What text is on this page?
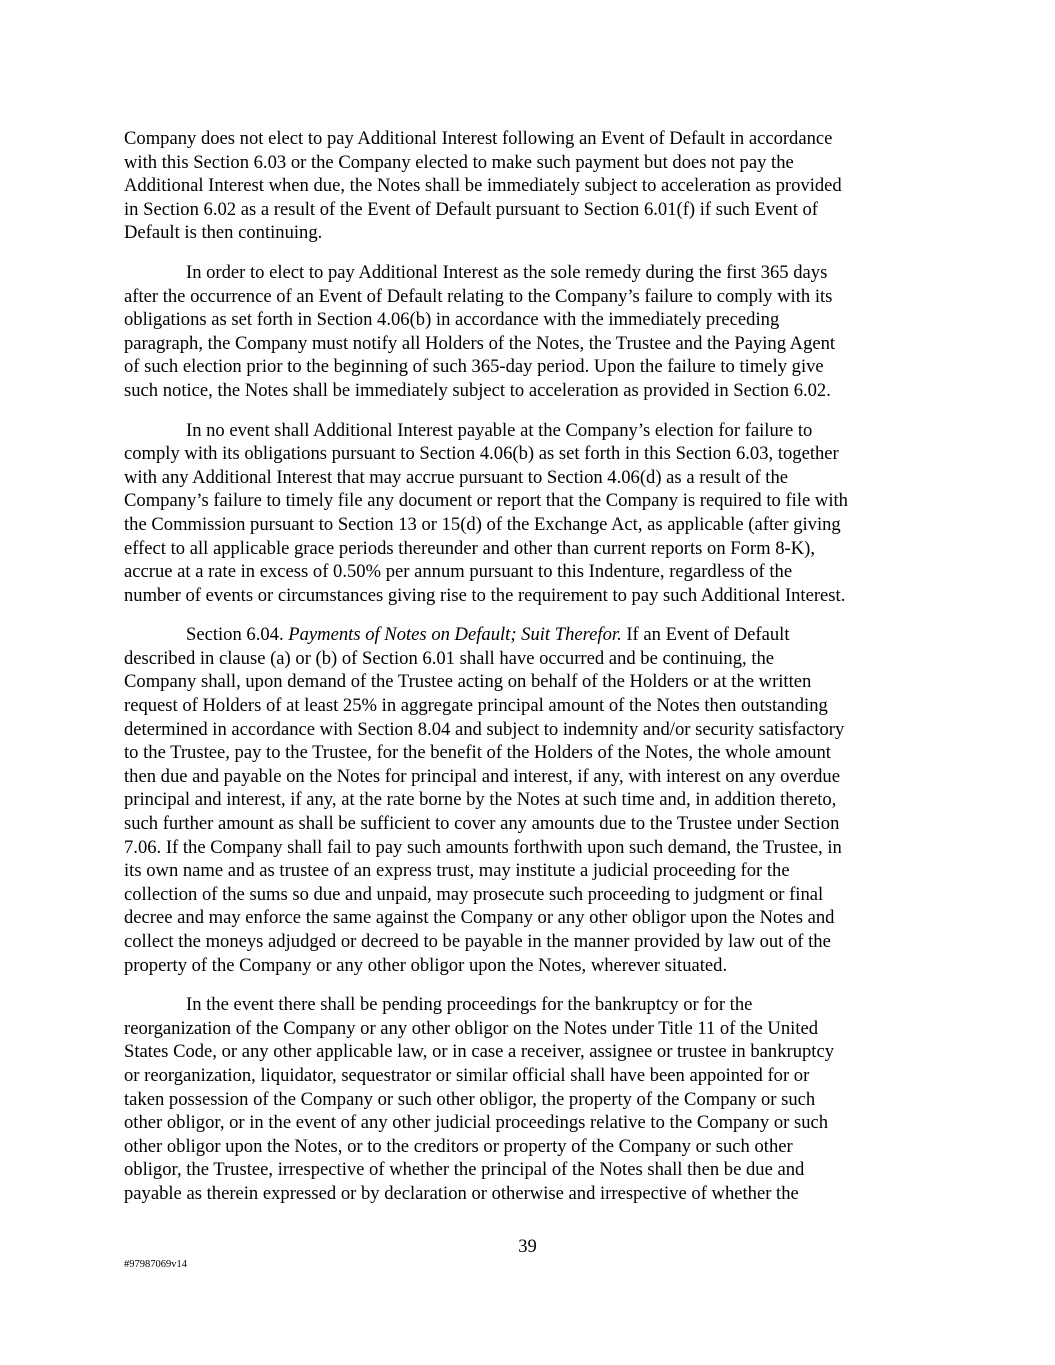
Company does not elect to pay Additional Interest following an Event of Default in accordance
with this Section 6.03 or the Company elected to make such payment but does not pay the
Additional Interest when due, the Notes shall be immediately subject to acceleration as provided
in Section 6.02 as a result of the Event of Default pursuant to Section 6.01(f) if such Event of
Default is then continuing.

In order to elect to pay Additional Interest as the sole remedy during the first 365 days
after the occurrence of an Event of Default relating to the Company’s failure to comply with its
obligations as set forth in Section 4.06(b) in accordance with the immediately preceding
paragraph, the Company must notify all Holders of the Notes, the Trustee and the Paying Agent
of such election prior to the beginning of such 365-day period. Upon the failure to timely give
such notice, the Notes shall be immediately subject to acceleration as provided in Section 6.02.

In no event shall Additional Interest payable at the Company’s election for failure to
comply with its obligations pursuant to Section 4.06(b) as set forth in this Section 6.03, together
with any Additional Interest that may accrue pursuant to Section 4.06(d) as a result of the
Company’s failure to timely file any document or report that the Company is required to file with
the Commission pursuant to Section 13 or 15(d) of the Exchange Act, as applicable (after giving
effect to all applicable grace periods thereunder and other than current reports on Form 8-K),
accrue at a rate in excess of 0.50% per annum pursuant to this Indenture, regardless of the
number of events or circumstances giving rise to the requirement to pay such Additional Interest.

Section 6.04. Payments of Notes on Default; Suit Therefor. If an Event of Default
described in clause (a) or (b) of Section 6.01 shall have occurred and be continuing, the
Company shall, upon demand of the Trustee acting on behalf of the Holders or at the written
request of Holders of at least 25% in aggregate principal amount of the Notes then outstanding
determined in accordance with Section 8.04 and subject to indemnity and/or security satisfactory
to the Trustee, pay to the Trustee, for the benefit of the Holders of the Notes, the whole amount
then due and payable on the Notes for principal and interest, if any, with interest on any overdue
principal and interest, if any, at the rate borne by the Notes at such time and, in addition thereto,
such further amount as shall be sufficient to cover any amounts due to the Trustee under Section
7.06. If the Company shall fail to pay such amounts forthwith upon such demand, the Trustee, in
its own name and as trustee of an express trust, may institute a judicial proceeding for the
collection of the sums so due and unpaid, may prosecute such proceeding to judgment or final
decree and may enforce the same against the Company or any other obligor upon the Notes and
collect the moneys adjudged or decreed to be payable in the manner provided by law out of the
property of the Company or any other obligor upon the Notes, wherever situated.

In the event there shall be pending proceedings for the bankruptcy or for the
reorganization of the Company or any other obligor on the Notes under Title 11 of the United
States Code, or any other applicable law, or in case a receiver, assignee or trustee in bankruptcy
or reorganization, liquidator, sequestrator or similar official shall have been appointed for or
taken possession of the Company or such other obligor, the property of the Company or such
other obligor, or in the event of any other judicial proceedings relative to the Company or such
other obligor upon the Notes, or to the creditors or property of the Company or such other
obligor, the Trustee, irrespective of whether the principal of the Notes shall then be due and
payable as therein expressed or by declaration or otherwise and irrespective of whether the

39
#97987069v14
